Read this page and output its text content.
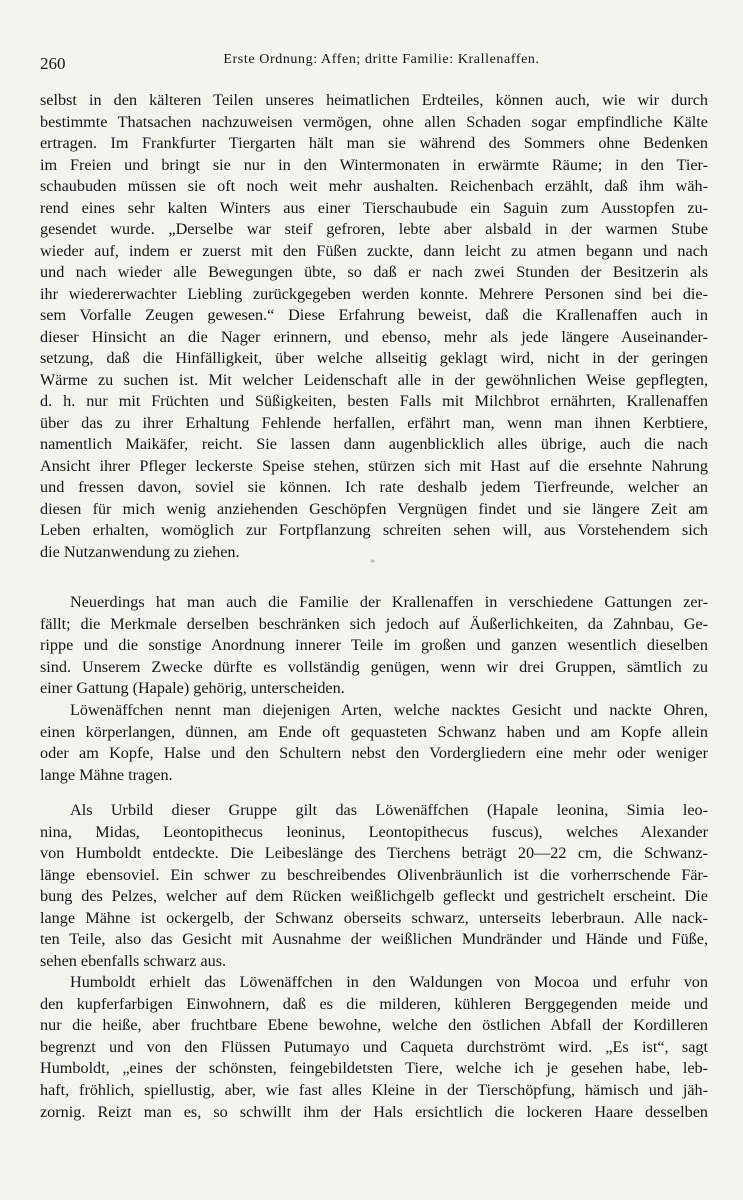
260	Erste Ordnung: Affen; dritte Familie: Krallenaffen.
*
selbst in den kälteren Teilen unseres heimatlichen Erdteiles, können auch, wie wir durch
bestimmte Thatsachen nachzuweisen vermögen, ohne allen Schaden sogar empfindliche Kälte
ertragen. Im Frankfurter Tiergarten hält man sie während des Sommers ohne Bedenken
im Freien und bringt sie nur in den Wintermonaten in erwärmte Räume; in den Tier-
schaubuden müssen sie oft noch weit mehr aushalten. Reichenbach erzählt, daß ihm wäh-
rend eines sehr kalten Winters aus einer Tierschaubude ein Saguin zum Ausstopfen zu-
gesendet wurde. „Derselbe war steif gefroren, lebte aber alsbald in der warmen Stube
wieder auf, indem er zuerst mit den Füßen zuckte, dann leicht zu atmen begann und nach
und nach wieder alle Bewegungen übte, so daß er nach zwei Stunden der Besitzerin als
ihr wiedererwachter Liebling zurückgegeben werden konnte. Mehrere Personen sind bei die-
sem Vorfalle Zeugen gewesen.“ Diese Erfahrung beweist, daß die Krallenaffen auch in
dieser Hinsicht an die Nager erinnern, und ebenso, mehr als jede längere Auseinander-
setzung, daß die Hinfälligkeit, über welche allseitig geklagt wird, nicht in der geringen
Wärme zu suchen ist. Mit welcher Leidenschaft alle in der gewöhnlichen Weise gepflegten,
d. h. nur mit Früchten und Süßigkeiten, besten Falls mit Milchbrot ernährten, Krallenaffen
über das zu ihrer Erhaltung Fehlende herfallen, erfährt man, wenn man ihnen Kerbtiere,
namentlich Maikäfer, reicht. Sie lassen dann augenblicklich alles übrige, auch die nach
Ansicht ihrer Pfleger leckerste Speise stehen, stürzen sich mit Hast auf die ersehnte Nahrung
und fressen davon, soviel sie können. Ich rate deshalb jedem Tierfreunde, welcher an
diesen für mich wenig anziehenden Geschöpfen Vergnügen findet und sie längere Zeit am
Leben erhalten, womöglich zur Fortpflanzung schreiten sehen will, aus Vorstehendem sich
die Nutzanwendung zu ziehen.
Neuerdings hat man auch die Familie der Krallenaffen in verschiedene Gattungen zer-
fällt; die Merkmale derselben beschränken sich jedoch auf Äußerlichkeiten, da Zahnbau, Ge-
rippe und die sonstige Anordnung innerer Teile im großen und ganzen wesentlich dieselben
sind. Unserem Zwecke dürfte es vollständig genügen, wenn wir drei Gruppen, sämtlich zu
einer Gattung (Hapale) gehörig, unterscheiden.
Löwenäffchen nennt man diejenigen Arten, welche nacktes Gesicht und nackte Ohren,
einen körperlangen, dünnen, am Ende oft gequasteten Schwanz haben und am Kopfe allein
oder am Kopfe, Halse und den Schultern nebst den Vordergliedern eine mehr oder weniger
lange Mähne tragen.
Als Urbild dieser Gruppe gilt das Löwenäffchen (Hapale leonina, Simia leo-
nina, Midas, Leontopithecus leoninus, Leontopithecus fuscus), welches Alexander
von Humboldt entdeckte. Die Leibeslänge des Tierchens beträgt 20—22 cm, die Schwanz-
länge ebensoviel. Ein schwer zu beschreibendes Olivenbräunlich ist die vorherrschende Fär-
bung des Pelzes, welcher auf dem Rücken weißlichgelb gefleckt und gestrichelt erscheint. Die
lange Mähne ist ockergelb, der Schwanz oberseits schwarz, unterseits leberbraun. Alle nack-
ten Teile, also das Gesicht mit Ausnahme der weißlichen Mundränder und Hände und Füße,
sehen ebenfalls schwarz aus.
Humboldt erhielt das Löwenäffchen in den Waldungen von Mocoa und erfuhr von
den kupferfarbigen Einwohnern, daß es die milderen, kühleren Berggegenden meide und
nur die heiße, aber fruchtbare Ebene bewohne, welche den östlichen Abfall der Kordilleren
begrenzt und von den Flüssen Putumayo und Caqueta durchströmt wird. „Es ist“, sagt
Humboldt, „eines der schönsten, feingebildetsten Tiere, welche ich je gesehen habe, leb-
haft, fröhlich, spiellustig, aber, wie fast alles Kleine in der Tierschöpfung, hämisch und jäh-
zornig. Reizt man es, so schwillt ihm der Hals ersichtlich die lockeren Haare desselben
